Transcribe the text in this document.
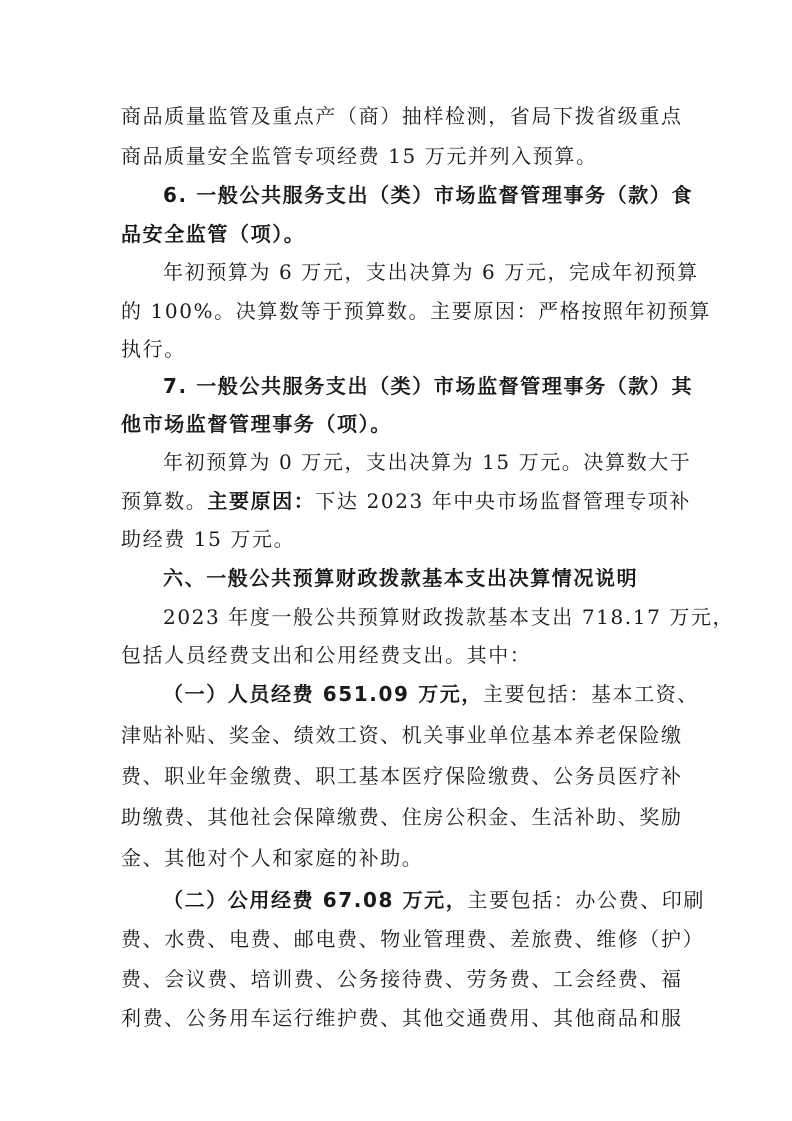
商品质量监管及重点产（商）抽样检测，省局下拨省级重点
商品质量安全监管专项经费 15 万元并列入预算。
6. 一般公共服务支出（类）市场监督管理事务（款）食
品安全监管（项）。
年初预算为 6 万元，支出决算为 6 万元，完成年初预算
的 100%。决算数等于预算数。主要原因：严格按照年初预算
执行。
7. 一般公共服务支出（类）市场监督管理事务（款）其
他市场监督管理事务（项）。
年初预算为 0 万元，支出决算为 15 万元。决算数大于
预算数。主要原因：下达 2023 年中央市场监督管理专项补
助经费 15 万元。
六、一般公共预算财政拨款基本支出决算情况说明
2023 年度一般公共预算财政拨款基本支出 718.17 万元，
包括人员经费支出和公用经费支出。其中：
（一）人员经费 651.09 万元，主要包括：基本工资、
津贴补贴、奖金、绩效工资、机关事业单位基本养老保险缴
费、职业年金缴费、职工基本医疗保险缴费、公务员医疗补
助缴费、其他社会保障缴费、住房公积金、生活补助、奖励
金、其他对个人和家庭的补助。
（二）公用经费 67.08 万元，主要包括：办公费、印刷
费、水费、电费、邮电费、物业管理费、差旅费、维修（护）
费、会议费、培训费、公务接待费、劳务费、工会经费、福
利费、公务用车运行维护费、其他交通费用、其他商品和服
